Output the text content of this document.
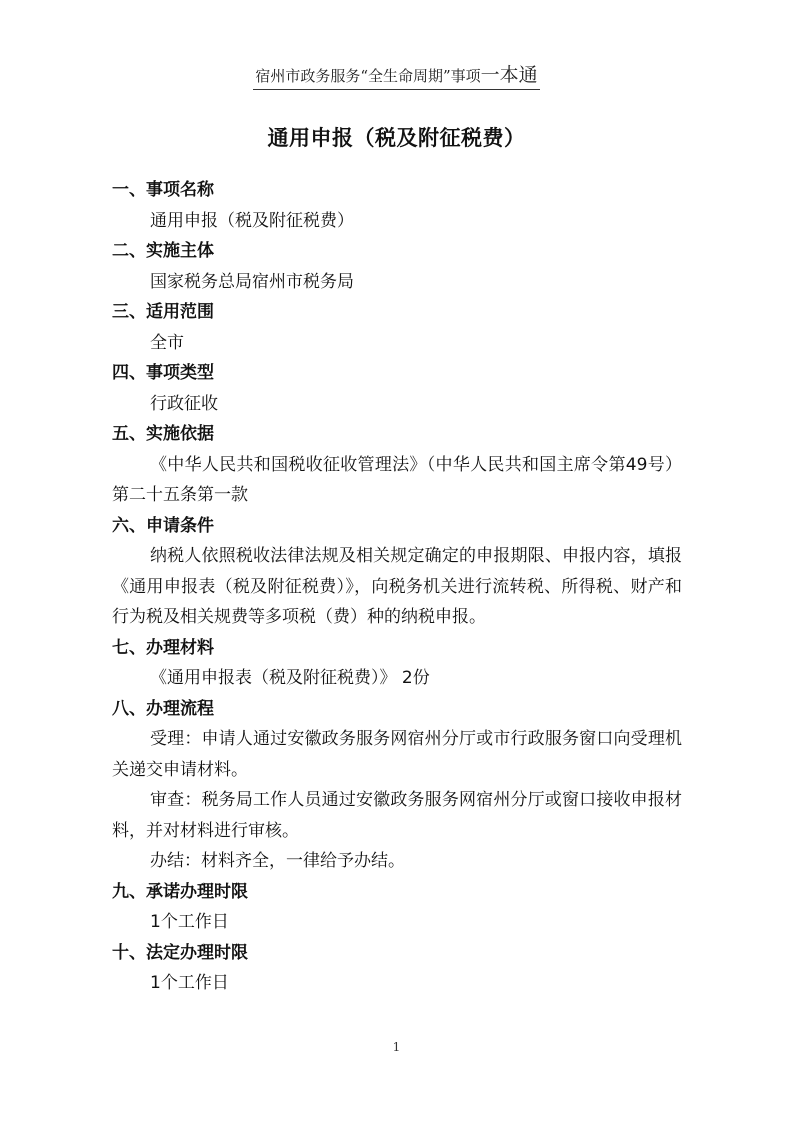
宿州市政务服务“全生命周期”事项一本通
通用申报（税及附征税费）
一、事项名称
通用申报（税及附征税费）
二、实施主体
国家税务总局宿州市税务局
三、适用范围
全市
四、事项类型
行政征收
五、实施依据
《中华人民共和国税收征收管理法》（中华人民共和国主席令第49号）第二十五条第一款
六、申请条件
纳税人依照税收法律法规及相关规定确定的申报期限、申报内容，填报《通用申报表（税及附征税费）》，向税务机关进行流转税、所得税、财产和行为税及相关规费等多项税（费）种的纳税申报。
七、办理材料
《通用申报表（税及附征税费）》 2份
八、办理流程
受理：申请人通过安徽政务服务网宿州分厅或市行政服务窗口向受理机关递交申请材料。
审查：税务局工作人员通过安徽政务服务网宿州分厅或窗口接收申报材料，并对材料进行审核。
办结：材料齐全，一律给予办结。
九、承诺办理时限
1个工作日
十、法定办理时限
1个工作日
1
